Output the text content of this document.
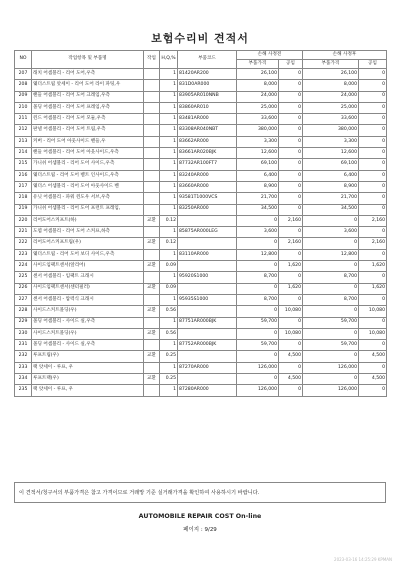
보험수리비 견적서
NO	작업항목 및 부품명	작업	H,Q,%	부품코드	손해 사정전		손해 사정후	
					부품가격	공임	부품가격	공임
207	래치 어셈블리 - 리어 도어,우측		1	81420AR200	26,100	0	26,100	0
208	웨더스트립 앗세이 - 리어 도어 라이 파팅,우		1	831D0AR000	8,000	0	8,000	0
209	핸들 어셈블리 - 리어 도어 크레임,우측		1	83905AR010NNB	24,000	0	24,000	0
210	몰딩 어셈블리 - 리어 도어 프레임,우측		1	83860AR010	25,000	0	25,000	0
211	윈드 어셈블리 - 리어 도어 모듈,우측		1	83481AR000	33,600	0	33,600	0
212	판넬 어셈블리 - 리어 도어 트림,우측		1	83308AR040NBT	380,000	0	380,000	0
213	커버 - 리어 도어 아웃사이드 핸들,우		1	83662AR000	3,300	0	3,300	0
214	핸들 어셈블리 - 리어 도어 아웃사이드,우측		1	83661AR020BJK	12,600	0	12,600	0
215	가니쉬 어셈블리 - 리어 도어 사이드,우측		1	87732AR100FT7	69,100	0	69,100	0
216	웨더스트립 - 리어 도어 벨트 인사이드,우측		1	83240AR000	6,400	0	6,400	0
217	웨더스 어셈블리 - 리어 도어 아웃사이드 벤		1	83660AR000	8,900	0	8,900	0
218	유닛 어셈블리 - 파워 윈도우 서브,우측		1	93581T1000VCS	21,700	0	21,700	0
219	가니쉬 어셈블리 - 리어 도어 프런트 프레임,		1	83250AR000	34,500	0	34,500	0
220	리어도어스커프트(하)	교환	0.12		0	2,160	0	2,160
221	도엽 어셈블리 - 리어 도어 스커프,하측		1	85875AR000LEG	3,600	0	3,600	0
222	리어도어스커프트림(우)	교환	0.12		0	2,160	0	2,160
223	웨더스트립 - 리어 도어 보디 사이드,우측		1	83110AR000	12,800	0	12,800	0
224	사이드임팩트센서(앞리어)	교환	0.09		0	1,620	0	1,620
225	센서 어셈블리 - 임팩트 크래시		1	95920S1000	8,700	0	8,700	0
226	사이드임팩트센서(센터필러)	교환	0.09		0	1,620	0	1,620
227	센서 어셈블리 - 압력식 크래시		1	95935S1000	8,700	0	8,700	0
228	사이드스커트몰딩(우)	교환	0.56		0	10,080	0	10,080
229	몰딩 어셈블리 - 사이드 실,우측		1	87751AR000BJK	59,700	0	59,700	0
230	사이드스커트몰딩(우)	교환	0.56		0	10,080	0	10,080
231	몰딩 어셈블리 - 사이드 실,우측		1	87752AR000BJK	59,700	0	59,700	0
232	루프트림(우)	교환	0.25		0	4,500	0	4,500
233	랙 앗세이 - 루프, 우		1	87270AR000	126,000	0	126,000	0
234	루프트랙(우)	교환	0.25		0	4,500	0	4,500
235	랙 앗세이 - 루프, 우		1	87280AR000	126,000	0	126,000	0
이 견적서/청구서의 부품가격은 참고 가격이므로 거래망 기준 실거래가격을 확인하여 사용하시기 바랍니다.
AUTOMOBILE REPAIR COST On-line
페이지 : 9/29
2023-03-16 14:25:29 KPMAN
